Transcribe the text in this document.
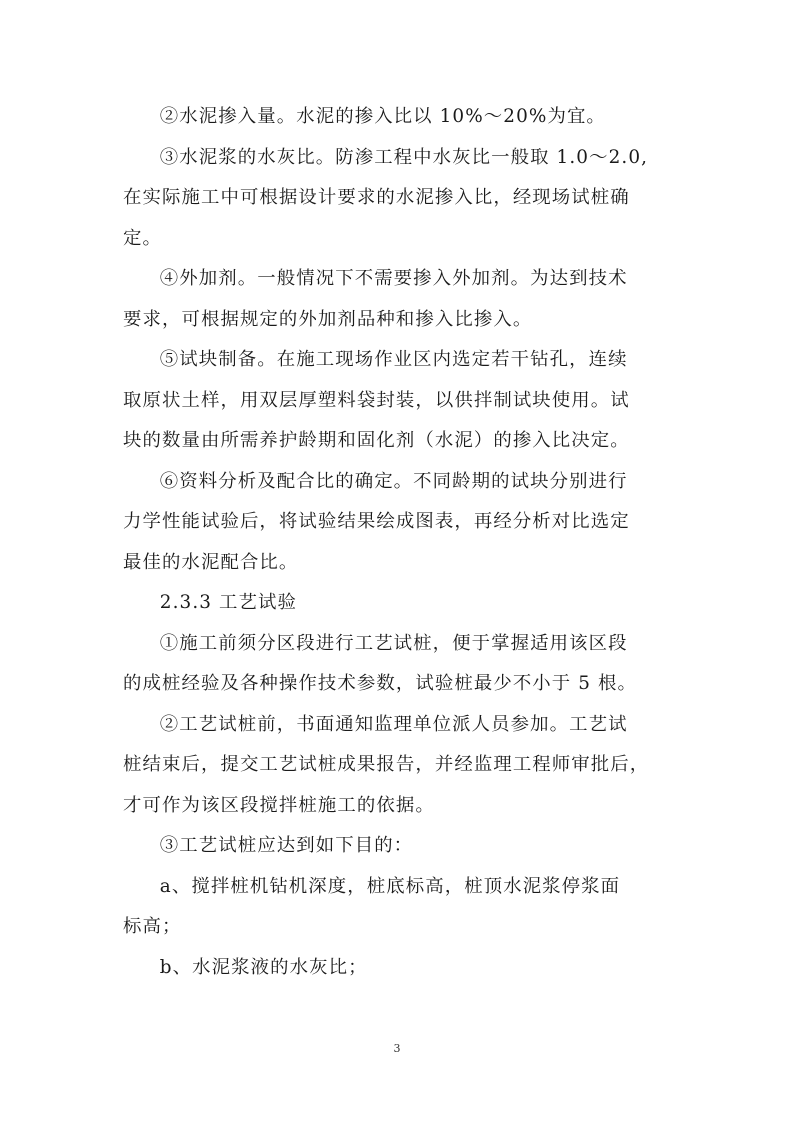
②水泥掺入量。水泥的掺入比以 10%～20%为宜。
③水泥浆的水灰比。防渗工程中水灰比一般取 1.0～2.0,
在实际施工中可根据设计要求的水泥掺入比，经现场试桩确
定。
④外加剂。一般情况下不需要掺入外加剂。为达到技术
要求，可根据规定的外加剂品种和掺入比掺入。
⑤试块制备。在施工现场作业区内选定若干钻孔，连续
取原状土样，用双层厚塑料袋封装，以供拌制试块使用。试
块的数量由所需养护龄期和固化剂（水泥）的掺入比决定。
⑥资料分析及配合比的确定。不同龄期的试块分别进行
力学性能试验后，将试验结果绘成图表，再经分析对比选定
最佳的水泥配合比。
2.3.3 工艺试验
①施工前须分区段进行工艺试桩，便于掌握适用该区段
的成桩经验及各种操作技术参数，试验桩最少不小于 5 根。
②工艺试桩前，书面通知监理单位派人员参加。工艺试
桩结束后，提交工艺试桩成果报告，并经监理工程师审批后，
才可作为该区段搅拌桩施工的依据。
③工艺试桩应达到如下目的：
a、搅拌桩机钻机深度，桩底标高，桩顶水泥浆停浆面
标高；
b、水泥浆液的水灰比；
3
